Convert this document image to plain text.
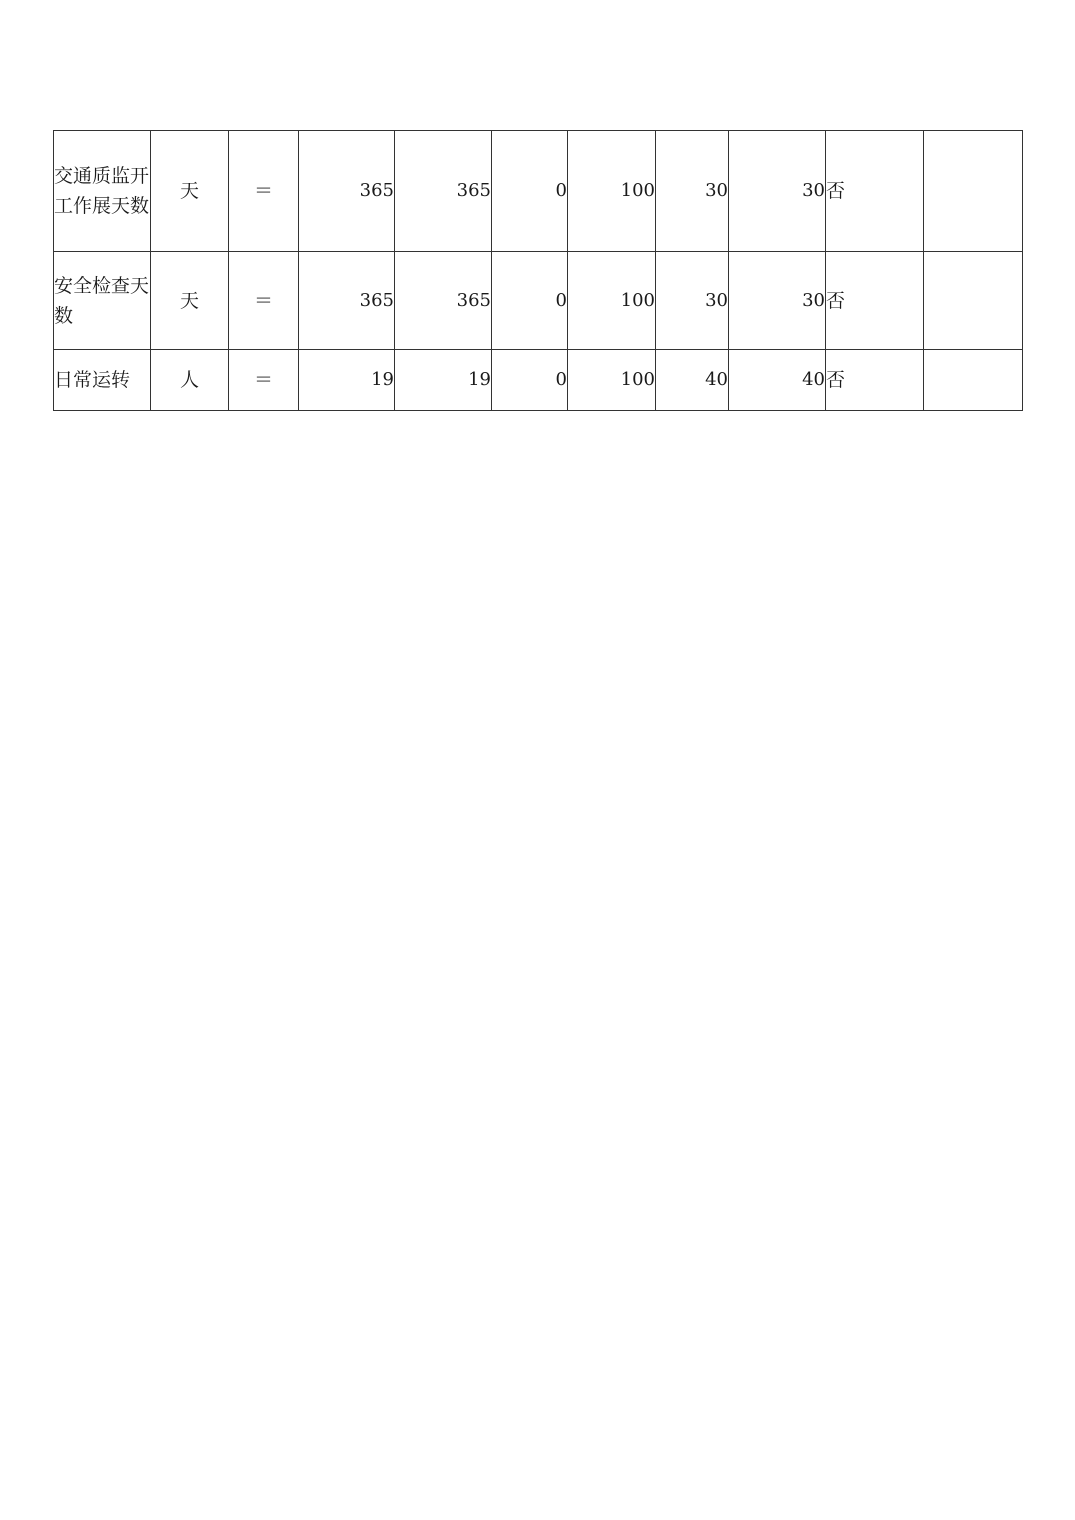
交通质监开工作展天数	天	＝	365	365	0	100	30	30	否	
安全检查天数	天	＝	365	365	0	100	30	30	否	
日常运转	人	＝	19	19	0	100	40	40	否	
